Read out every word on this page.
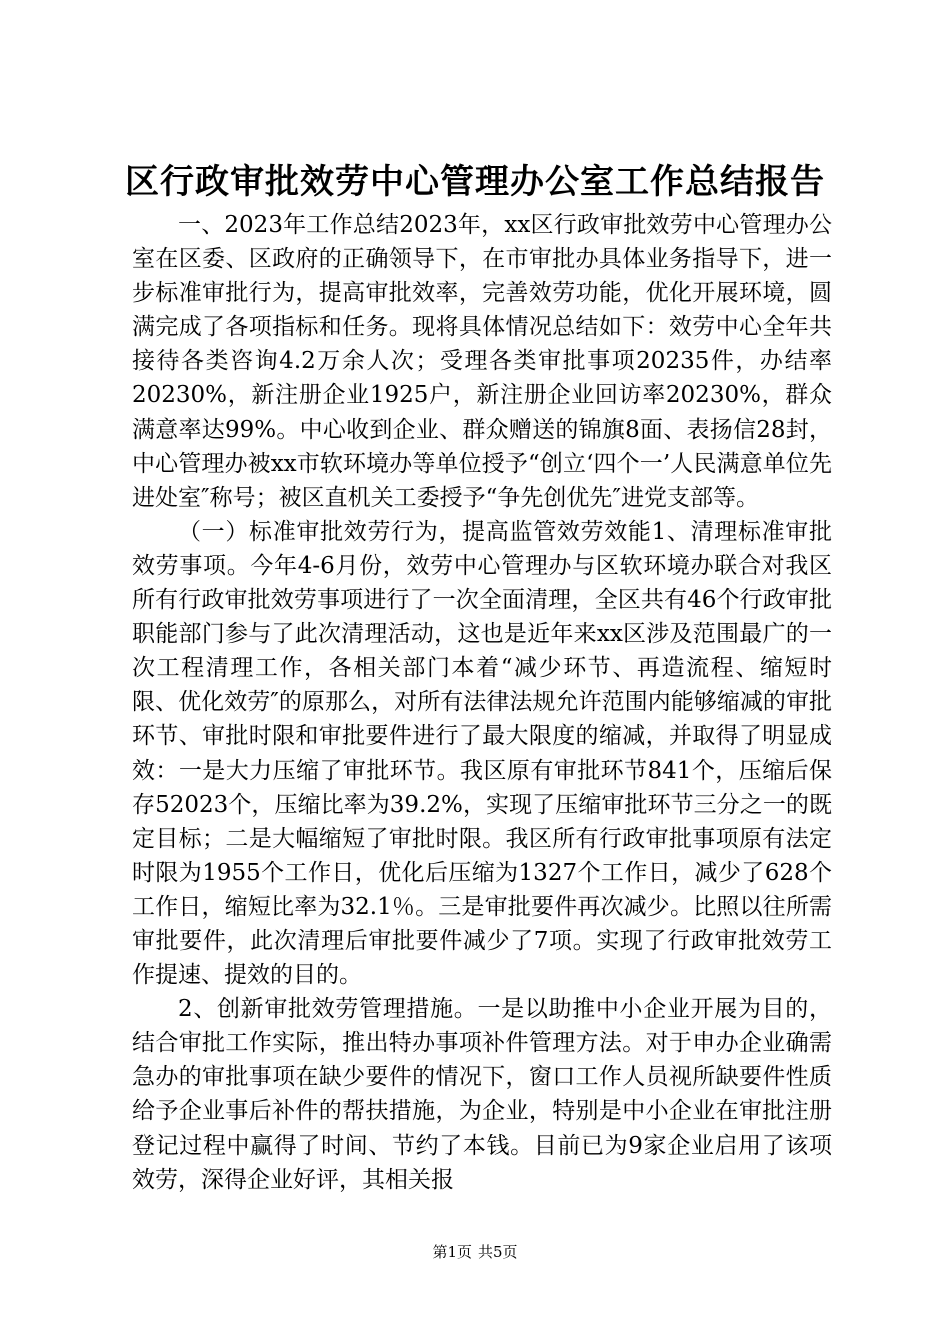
区行政审批效劳中心管理办公室工作总结报告

一、2023年工作总结2023年，xx区行政审批效劳中心管理办公室在区委、区政府的正确领导下，在市审批办具体业务指导下，进一步标准审批行为，提高审批效率，完善效劳功能，优化开展环境，圆满完成了各项指标和任务。现将具体情况总结如下：效劳中心全年共接待各类咨询4.2万余人次；受理各类审批事项20235件，办结率20230%，新注册企业1925户，新注册企业回访率20230%，群众满意率达99%。中心收到企业、群众赠送的锦旗8面、表扬信28封，中心管理办被xx市软环境办等单位授予“创立‘四个一’人民满意单位先进处室″称号；被区直机关工委授予“争先创优先″进党支部等。

（一）标准审批效劳行为，提高监管效劳效能1、清理标准审批效劳事项。今年4-6月份，效劳中心管理办与区软环境办联合对我区所有行政审批效劳事项进行了一次全面清理，全区共有46个行政审批职能部门参与了此次清理活动，这也是近年来xx区涉及范围最广的一次工程清理工作，各相关部门本着“减少环节、再造流程、缩短时限、优化效劳″的原那么，对所有法律法规允许范围内能够缩减的审批环节、审批时限和审批要件进行了最大限度的缩减，并取得了明显成效：一是大力压缩了审批环节。我区原有审批环节841个，压缩后保存52023个，压缩比率为39.2%，实现了压缩审批环节三分之一的既定目标；二是大幅缩短了审批时限。我区所有行政审批事项原有法定时限为1955个工作日，优化后压缩为1327个工作日，减少了628个工作日，缩短比率为32.1％。三是审批要件再次减少。比照以往所需审批要件，此次清理后审批要件减少了7项。实现了行政审批效劳工作提速、提效的目的。

2、创新审批效劳管理措施。一是以助推中小企业开展为目的，结合审批工作实际，推出特办事项补件管理方法。对于申办企业确需急办的审批事项在缺少要件的情况下，窗口工作人员视所缺要件性质给予企业事后补件的帮扶措施，为企业，特别是中小企业在审批注册登记过程中赢得了时间、节约了本钱。目前已为9家企业启用了该项效劳，深得企业好评，其相关报

第1页 共5页
